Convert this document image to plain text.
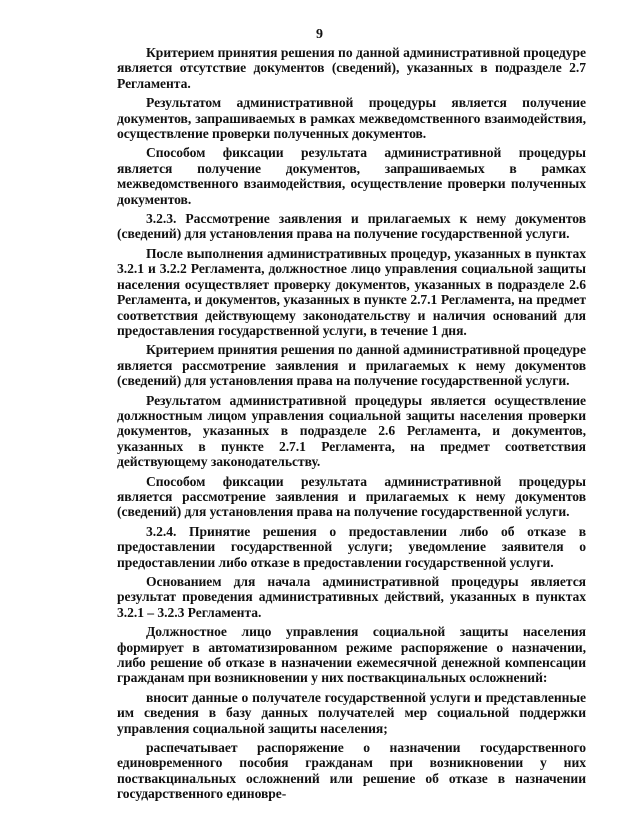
9

Критерием принятия решения по данной административной процедуре является отсутствие документов (сведений), указанных в подразделе 2.7 Регламента.

Результатом административной процедуры является получение документов, запрашиваемых в рамках межведомственного взаимодействия, осуществление проверки полученных документов.

Способом фиксации результата административной процедуры является получение документов, запрашиваемых в рамках межведомственного взаимодействия, осуществление проверки полученных документов.

3.2.3. Рассмотрение заявления и прилагаемых к нему документов (сведений) для установления права на получение государственной услуги.

После выполнения административных процедур, указанных в пунктах 3.2.1 и 3.2.2 Регламента, должностное лицо управления социальной защиты населения осуществляет проверку документов, указанных в подразделе 2.6 Регламента, и документов, указанных в пункте 2.7.1 Регламента, на предмет соответствия действующему законодательству и наличия оснований для предоставления государственной услуги, в течение 1 дня.

Критерием принятия решения по данной административной процедуре является рассмотрение заявления и прилагаемых к нему документов (сведений) для установления права на получение государственной услуги.

Результатом административной процедуры является осуществление должностным лицом управления социальной защиты населения проверки документов, указанных в подразделе 2.6 Регламента, и документов, указанных в пункте 2.7.1 Регламента, на предмет соответствия действующему законодательству.

Способом фиксации результата административной процедуры является рассмотрение заявления и прилагаемых к нему документов (сведений) для установления права на получение государственной услуги.

3.2.4. Принятие решения о предоставлении либо об отказе в предоставлении государственной услуги; уведомление заявителя о предоставлении либо отказе в предоставлении государственной услуги.

Основанием для начала административной процедуры является результат проведения административных действий, указанных в пунктах 3.2.1 – 3.2.3 Регламента.

Должностное лицо управления социальной защиты населения формирует в автоматизированном режиме распоряжение о назначении, либо решение об отказе в назначении ежемесячной денежной компенсации гражданам при возникновении у них поствакцинальных осложнений:

вносит данные о получателе государственной услуги и представленные им сведения в базу данных получателей мер социальной поддержки управления социальной защиты населения;

распечатывает распоряжение о назначении государственного единовременного пособия гражданам при возникновении у них поствакцинальных осложнений или решение об отказе в назначении государственного единовре-
